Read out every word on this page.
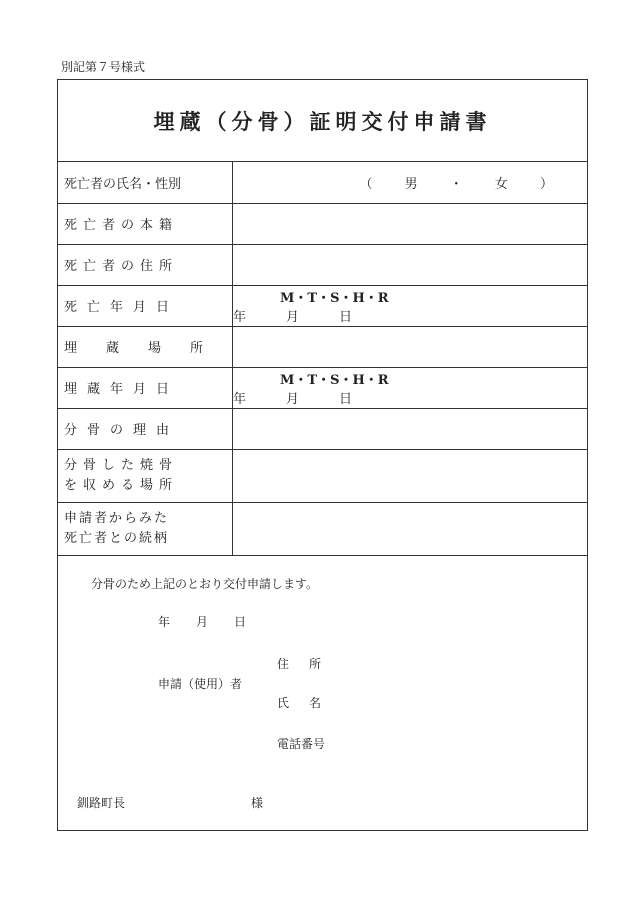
別記第７号様式
埋蔵（分骨）証明交付申請書
死亡者の氏名・性別	（ 男 ・ 女 ）

死亡者の本籍	

死亡者の住所	

死亡年月日	M・T・S・H・R年月日

埋蔵場所	

埋蔵年月日	M・T・S・H・R年月日

分骨の理由	

分骨した焼骨
を収める場所	

申請者からみた
死亡者との続柄	

分骨のため上記のとおり交付申請します。
年月日
申請（使用）者
住所
氏名
電話番号
釧路町長	様
